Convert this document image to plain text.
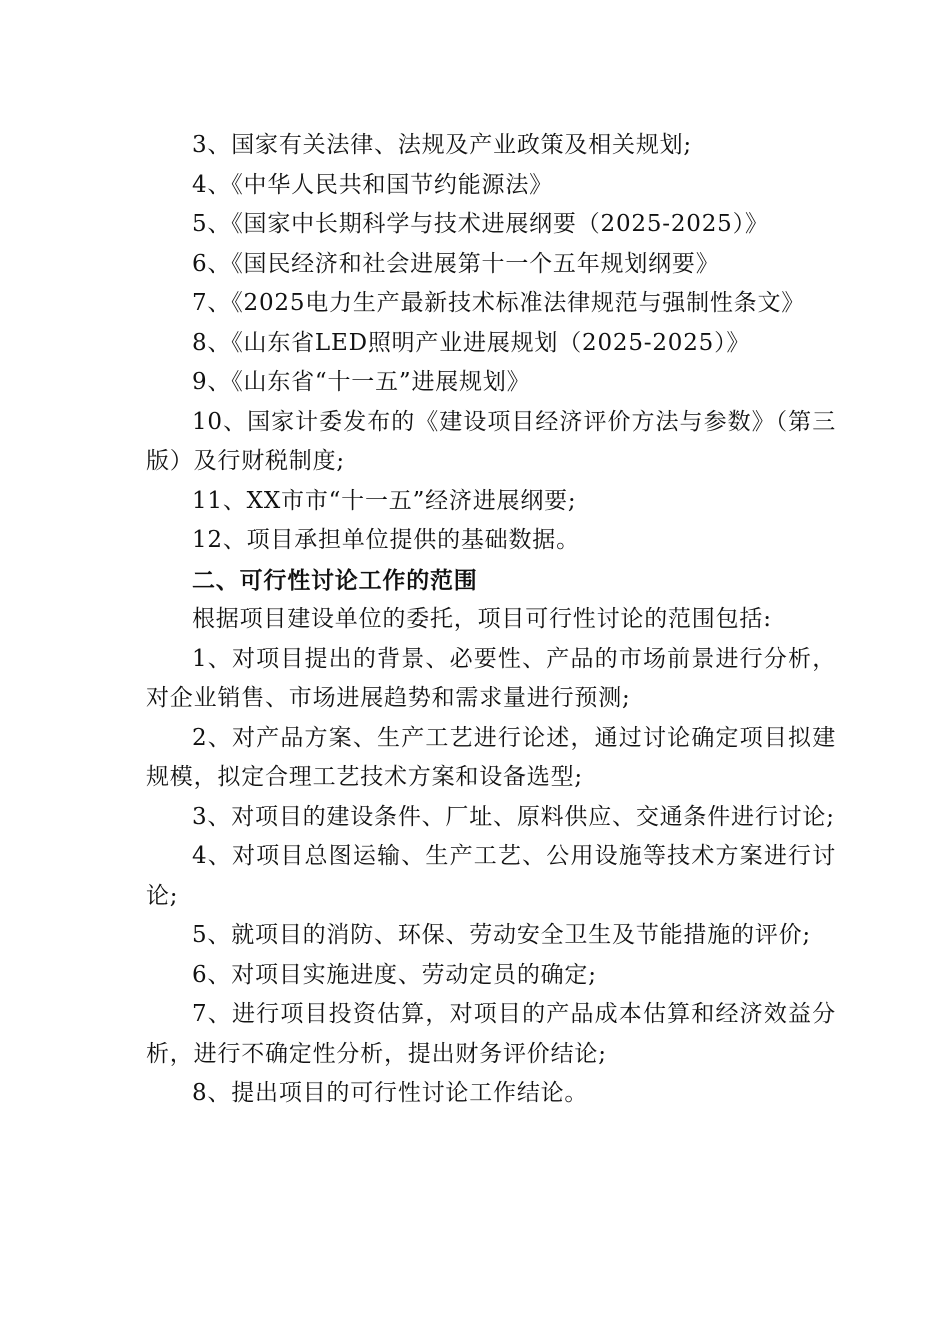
3、国家有关法律、法规及产业政策及相关规划;

4、《中华人民共和国节约能源法》

5、《国家中长期科学与技术进展纲要（2025-2025）》

6、《国民经济和社会进展第十一个五年规划纲要》

7、《2025电力生产最新技术标准法律规范与强制性条文》

8、《山东省LED照明产业进展规划（2025-2025）》

9、《山东省“十一五”进展规划》

10、国家计委发布的《建设项目经济评价方法与参数》（第三版）及行财税制度;

11、XX市市“十一五”经济进展纲要;

12、项目承担单位提供的基础数据。

二、可行性讨论工作的范围

根据项目建设单位的委托，项目可行性讨论的范围包括:

1、对项目提出的背景、必要性、产品的市场前景进行分析，对企业销售、市场进展趋势和需求量进行预测;

2、对产品方案、生产工艺进行论述，通过讨论确定项目拟建规模，拟定合理工艺技术方案和设备选型;

3、对项目的建设条件、厂址、原料供应、交通条件进行讨论;

4、对项目总图运输、生产工艺、公用设施等技术方案进行讨论;

5、就项目的消防、环保、劳动安全卫生及节能措施的评价;

6、对项目实施进度、劳动定员的确定;

7、进行项目投资估算，对项目的产品成本估算和经济效益分析，进行不确定性分析，提出财务评价结论;

8、提出项目的可行性讨论工作结论。
